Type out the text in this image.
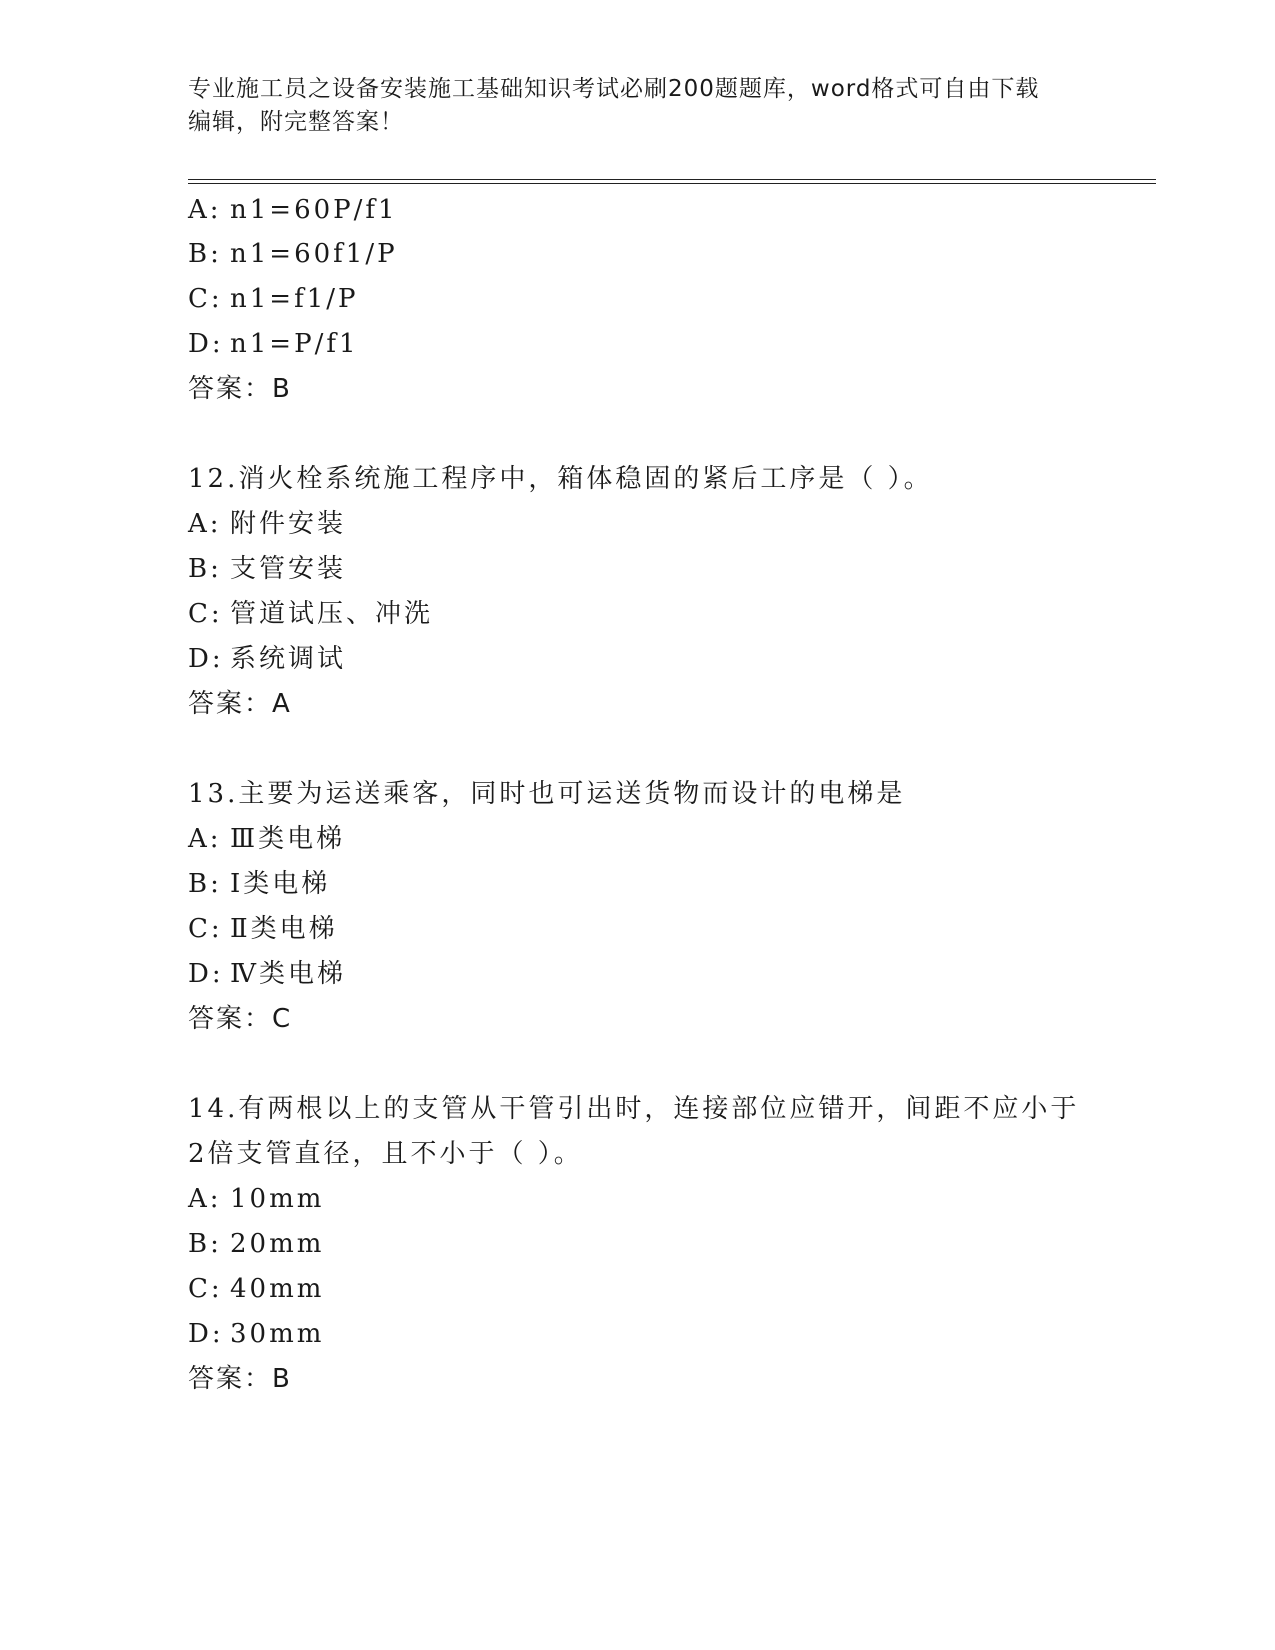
专业施工员之设备安装施工基础知识考试必刷200题题库，word格式可自由下载
编辑，附完整答案！
A: n1=60P/f1
B: n1=60f1/P
C: n1=f1/P
D: n1=P/f1
答案：B
12.消火栓系统施工程序中，箱体稳固的紧后工序是（ ）。
A: 附件安装
B: 支管安装
C: 管道试压、冲洗
D: 系统调试
答案：A
13.主要为运送乘客，同时也可运送货物而设计的电梯是
A: Ⅲ类电梯
B: Ⅰ类电梯
C: Ⅱ类电梯
D: Ⅳ类电梯
答案：C
14.有两根以上的支管从干管引出时，连接部位应错开，间距不应小于
2倍支管直径，且不小于（ ）。
A: 10mm
B: 20mm
C: 40mm
D: 30mm
答案：B
